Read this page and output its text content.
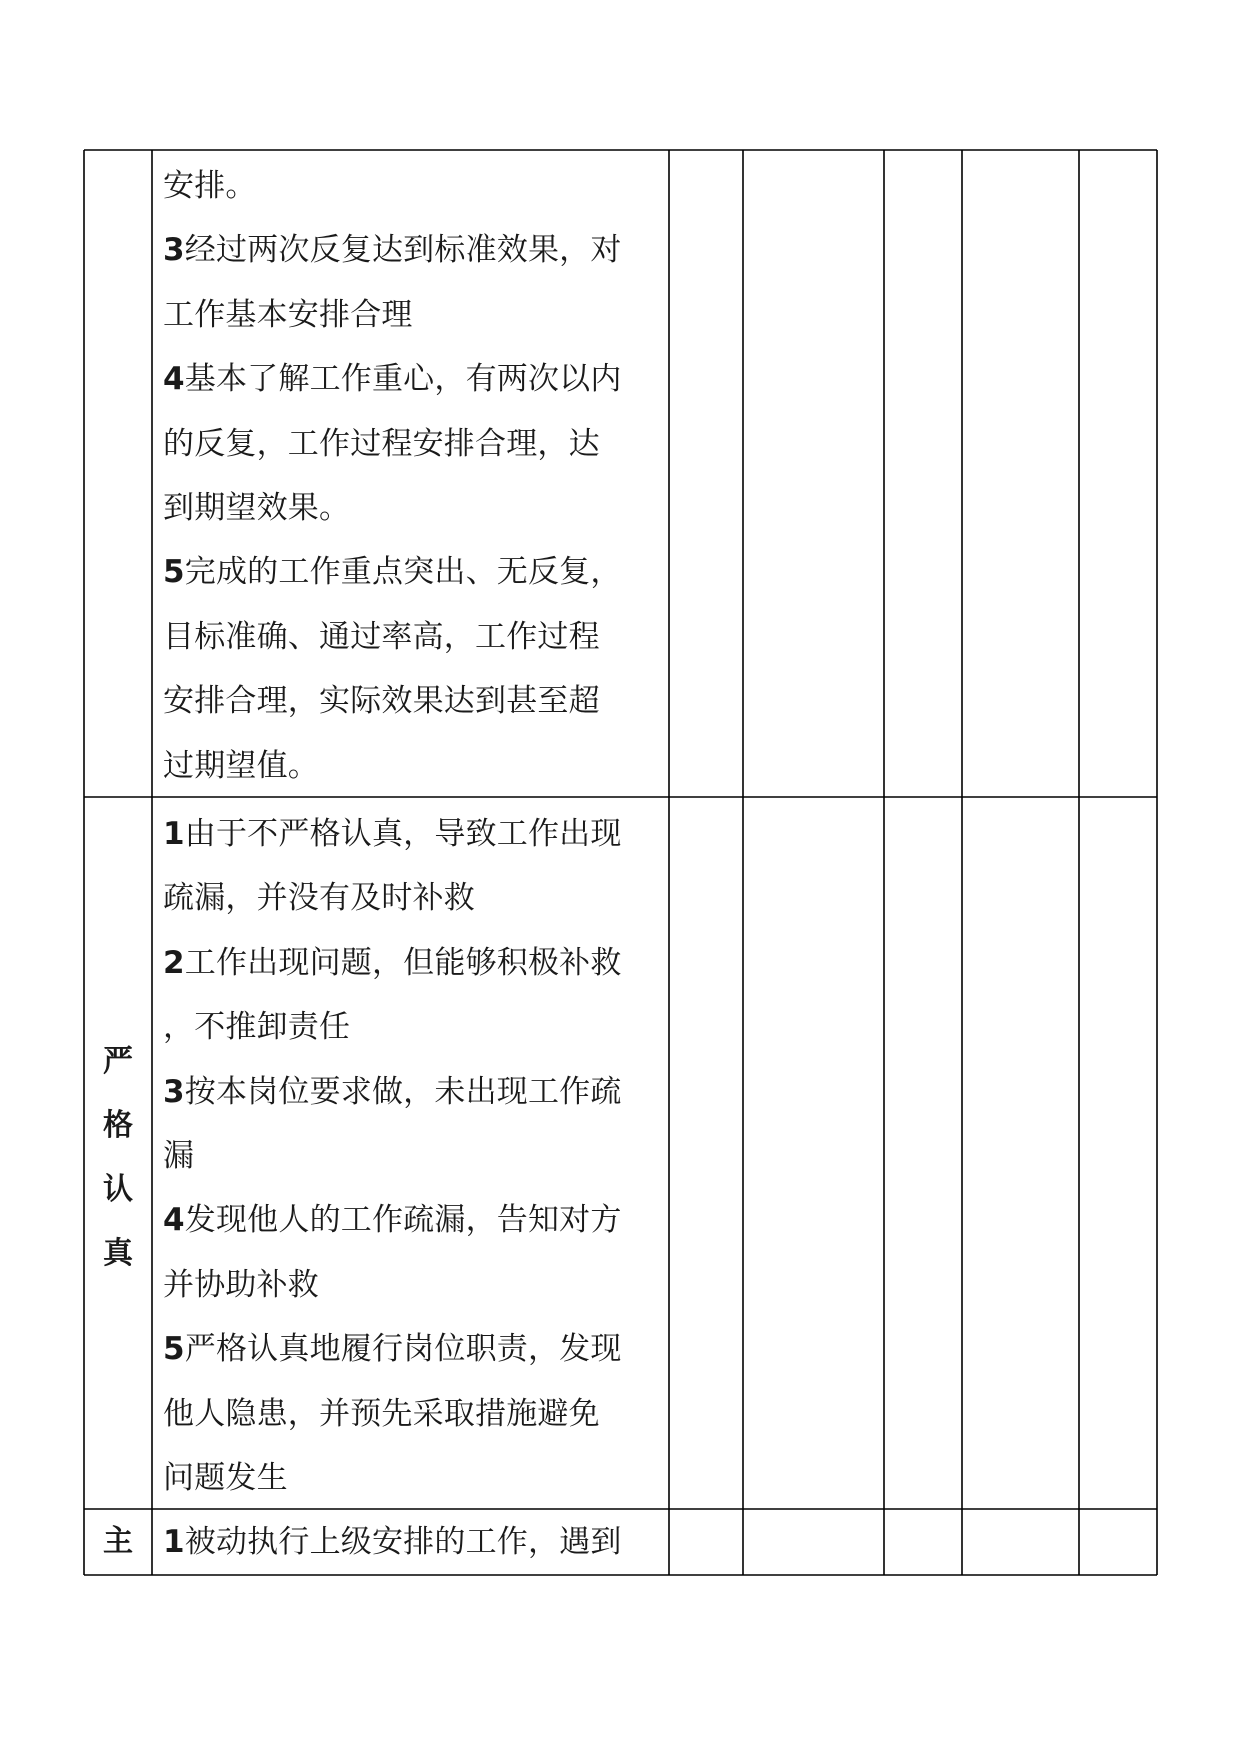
安排。
3经过两次反复达到标准效果，对
工作基本安排合理
4基本了解工作重心，有两次以内
的反复，工作过程安排合理，达
到期望效果。
5完成的工作重点突出、无反复，
目标准确、通过率高，工作过程
安排合理，实际效果达到甚至超
过期望值。
严
格
认
真
1由于不严格认真，导致工作出现
疏漏，并没有及时补救
2工作出现问题，但能够积极补救
，不推卸责任
3按本岗位要求做，未出现工作疏
漏
4发现他人的工作疏漏，告知对方
并协助补救
5严格认真地履行岗位职责，发现
他人隐患，并预先采取措施避免
问题发生
主 1被动执行上级安排的工作，遇到
